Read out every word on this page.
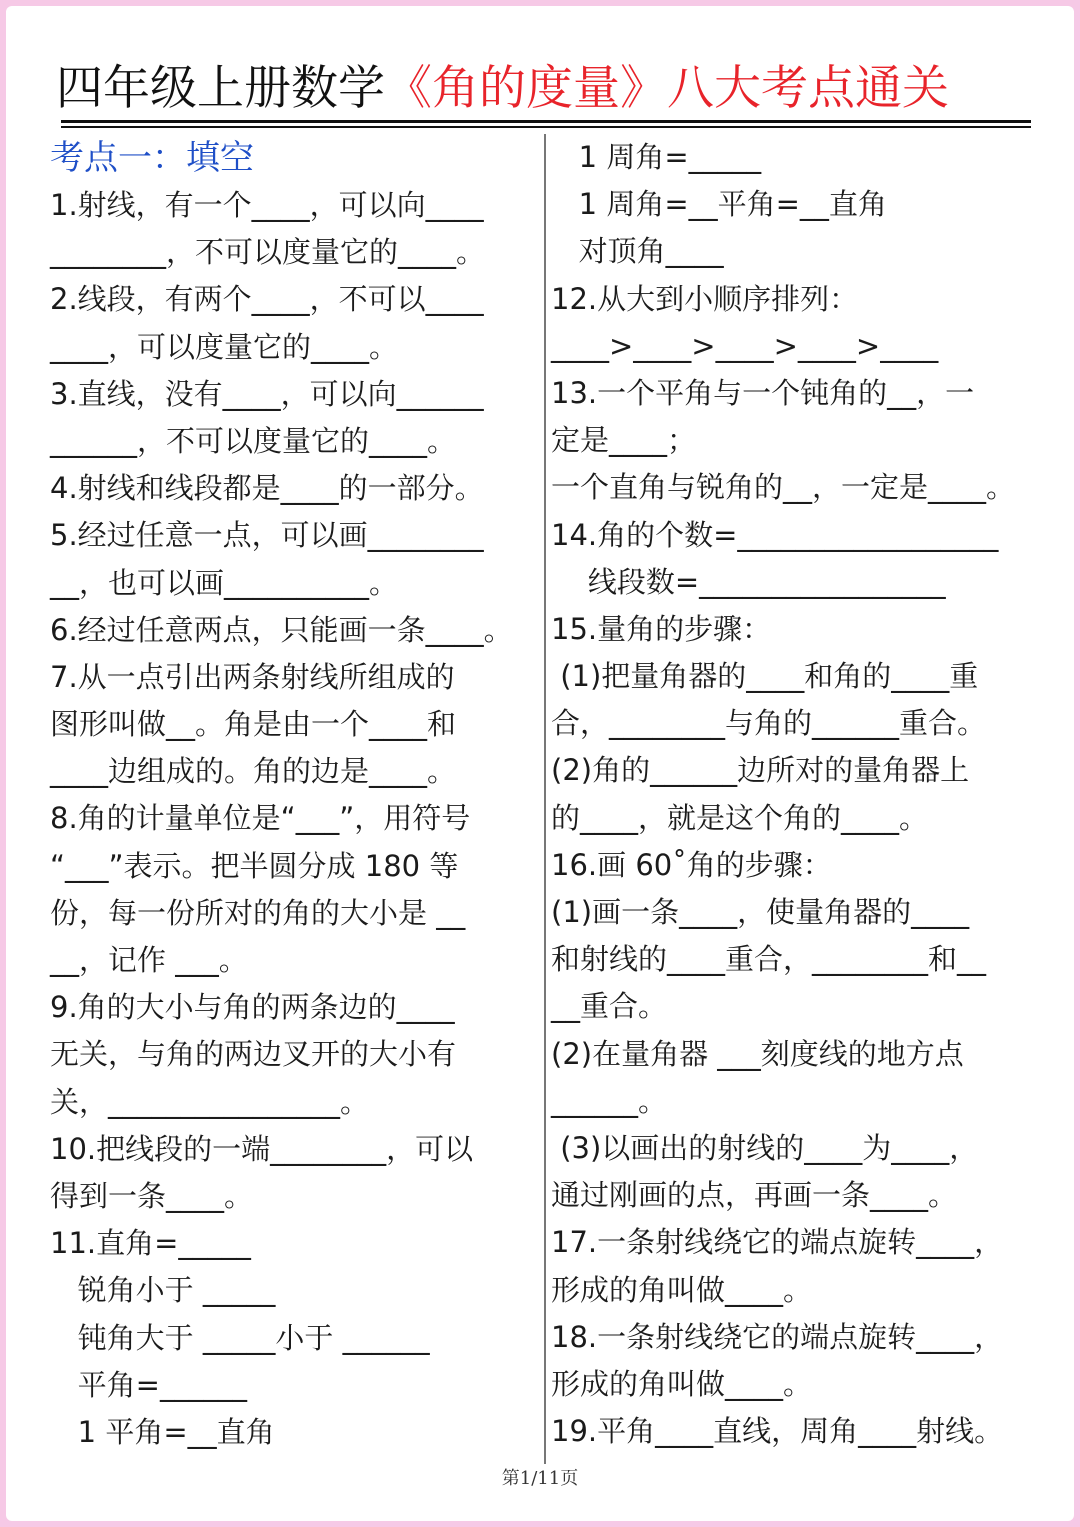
四年级上册数学《角的度量》八大考点通关
考点一：填空
1.射线，有一个____，可以向____
________，不可以度量它的____。
2.线段，有两个____，不可以____
____，可以度量它的____。
3.直线，没有____，可以向______
______，不可以度量它的____。
4.射线和线段都是____的一部分。
5.经过任意一点，可以画________
__，也可以画__________。
6.经过任意两点，只能画一条____。
7.从一点引出两条射线所组成的
图形叫做__。角是由一个____和
____边组成的。角的边是____。
8.角的计量单位是“___”，用符号
“___”表示。把半圆分成 180 等
份，每一份所对的角的大小是 __
__，记作 ___。
9.角的大小与角的两条边的____
无关，与角的两边叉开的大小有
关，________________。
10.把线段的一端________，可以
得到一条____。
11.直角=_____
锐角小于 _____
钝角大于 _____小于 ______
平角=______
1 平角=__直角
1 周角=_____
1 周角=__平角=__直角
对顶角____
12.从大到小顺序排列：
____>____>____>____>____
13.一个平角与一个钝角的__，一
定是____；
一个直角与锐角的__，一定是____。
14.角的个数=__________________
线段数=_________________
15.量角的步骤：
(1)把量角器的____和角的____重
合，________与角的______重合。
(2)角的______边所对的量角器上
的____，就是这个角的____。
16.画 60˚角的步骤：
(1)画一条____，使量角器的____
和射线的____重合，________和__
__重合。
(2)在量角器 ___刻度线的地方点
______。
(3)以画出的射线的____为____，
通过刚画的点，再画一条____。
17.一条射线绕它的端点旋转____，
形成的角叫做____。
18.一条射线绕它的端点旋转____，
形成的角叫做____。
19.平角____直线，周角____射线。
第1/11页
